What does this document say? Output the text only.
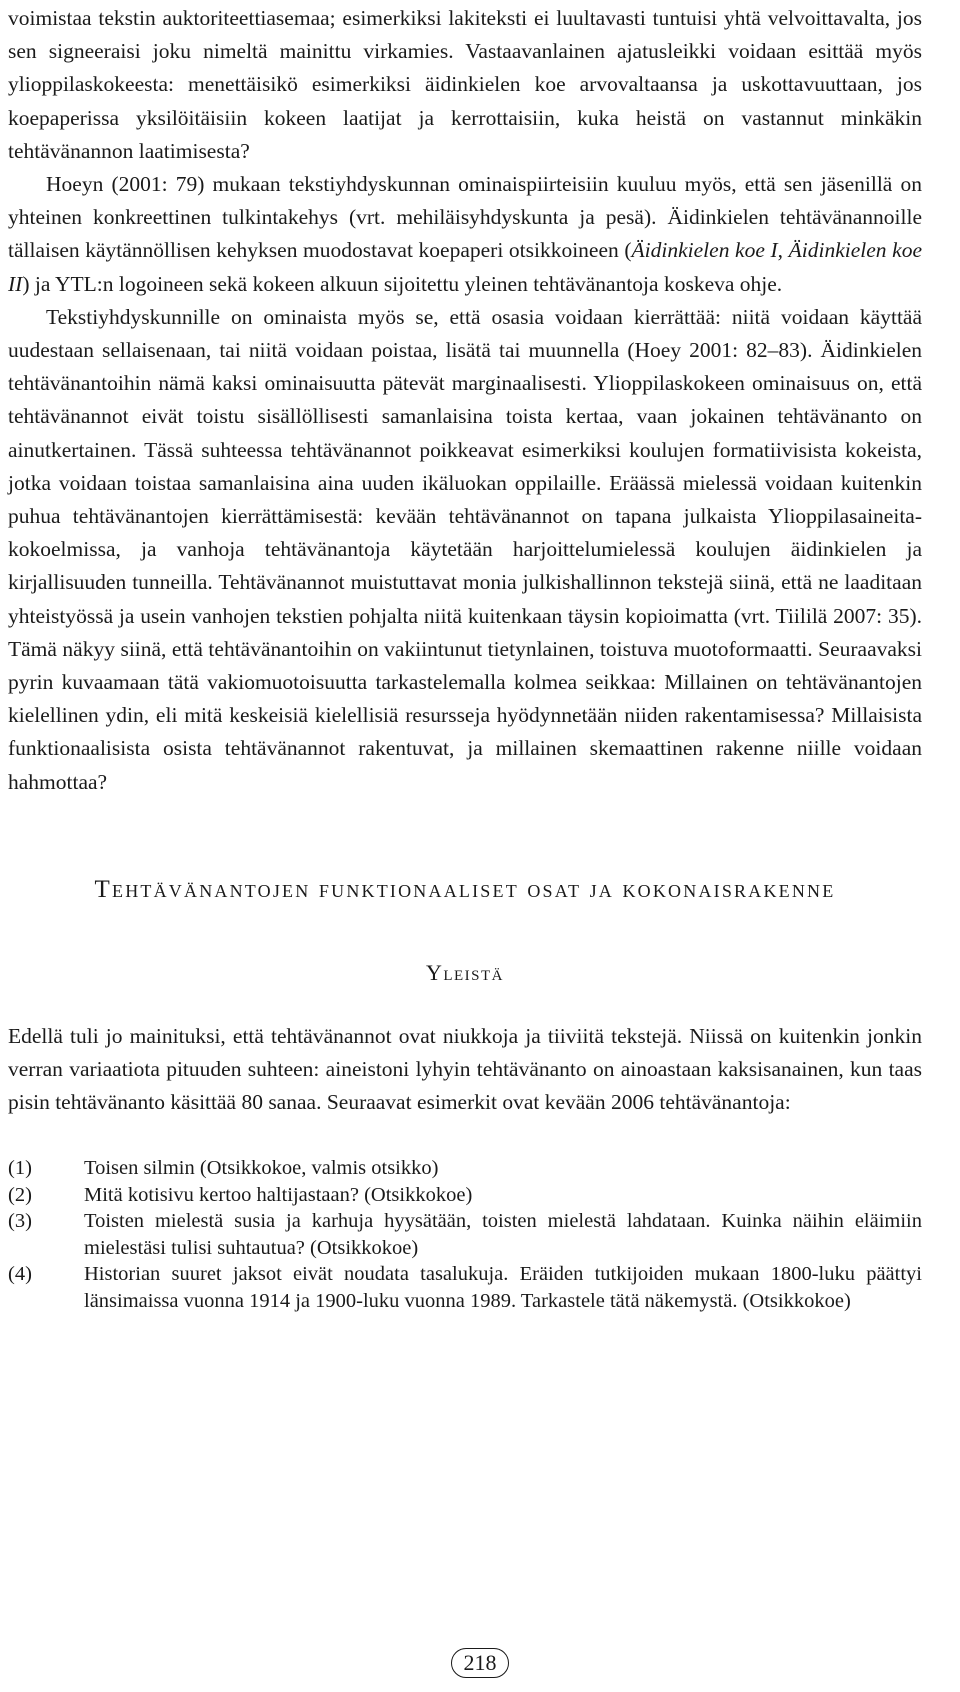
voimistaa tekstin auktoriteettiasemaa; esimerkiksi lakiteksti ei luultavasti tuntuisi yhtä velvoittavalta, jos sen signeeraisi joku nimeltä mainittu virkamies. Vastaavanlainen ajatusleikki voidaan esittää myös ylioppilaskokeesta: menettäisikö esimerkiksi äidinkielen koe arvovaltaansa ja uskottavuuttaan, jos koepaperissa yksilöitäisiin kokeen laatijat ja kerrottaisiin, kuka heistä on vastannut minkäkin tehtävänannon laatimisesta?

Hoeyn (2001: 79) mukaan tekstiyhdyskunnan ominaispiirteisiin kuuluu myös, että sen jäsenillä on yhteinen konkreettinen tulkintakehys (vrt. mehiläisyhdyskunta ja pesä). Äidinkielen tehtävänannoille tällaisen käytännöllisen kehyksen muodostavat koepaperi otsikkoineen (Äidinkielen koe I, Äidinkielen koe II) ja YTL:n logoineen sekä kokeen alkuun sijoitettu yleinen tehtävänantoja koskeva ohje.

Tekstiyhdyskunnille on ominaista myös se, että osasia voidaan kierrättää: niitä voidaan käyttää uudestaan sellaisenaan, tai niitä voidaan poistaa, lisätä tai muunnella (Hoey 2001: 82–83). Äidinkielen tehtävänantoihin nämä kaksi ominaisuutta pätevät marginaalisesti. Ylioppilaskokeen ominaisuus on, että tehtävänannot eivät toistu sisällöllisesti samanlaisina toista kertaa, vaan jokainen tehtävänanto on ainutkertainen. Tässä suhteessa tehtävänannot poikkeavat esimerkiksi koulujen formatiivisista kokeista, jotka voidaan toistaa samanlaisina aina uuden ikäluokan oppilaille. Eräässä mielessä voidaan kuitenkin puhua tehtävänantojen kierrättämisestä: kevään tehtävänannot on tapana julkaista Ylioppilasaineita-kokoelmissa, ja vanhoja tehtävänantoja käytetään harjoittelumielessä koulujen äidinkielen ja kirjallisuuden tunneilla. Tehtävänannot muistuttavat monia julkishallinnon tekstejä siinä, että ne laaditaan yhteistyössä ja usein vanhojen tekstien pohjalta niitä kuitenkaan täysin kopioimatta (vrt. Tiililä 2007: 35). Tämä näkyy siinä, että tehtävänantoihin on vakiintunut tietynlainen, toistuva muotoformaatti. Seuraavaksi pyrin kuvaamaan tätä vakiomuotoisuutta tarkastelemalla kolmea seikkaa: Millainen on tehtävänantojen kielellinen ydin, eli mitä keskeisiä kielellisiä resursseja hyödynnetään niiden rakentamisessa? Millaisista funktionaalisista osista tehtävänannot rakentuvat, ja millainen skemaattinen rakenne niille voidaan hahmottaa?

Tehtävänantojen funktionaaliset osat ja kokonaisrakenne
Yleistä

Edellä tuli jo mainituksi, että tehtävänannot ovat niukkoja ja tiiviitä tekstejä. Niissä on kuitenkin jonkin verran variaatiota pituuden suhteen: aineistoni lyhyin tehtävänanto on ainoastaan kaksisanainen, kun taas pisin tehtävänanto käsittää 80 sanaa. Seuraavat esimerkit ovat kevään 2006 tehtävänantoja:

(1)	Toisen silmin (Otsikkokoe, valmis otsikko)
(2)	Mitä kotisivu kertoo haltijastaan? (Otsikkokoe)
(3)	Toisten mielestä susia ja karhuja hyysätään, toisten mielestä lahdataan. Kuinka näihin eläimiin mielestäsi tulisi suhtautua? (Otsikkokoe)
(4)	Historian suuret jaksot eivät noudata tasalukuja. Eräiden tutkijoiden mukaan 1800-luku päättyi länsimaissa vuonna 1914 ja 1900-luku vuonna 1989. Tarkastele tätä näkemystä. (Otsikkokoe)
218
